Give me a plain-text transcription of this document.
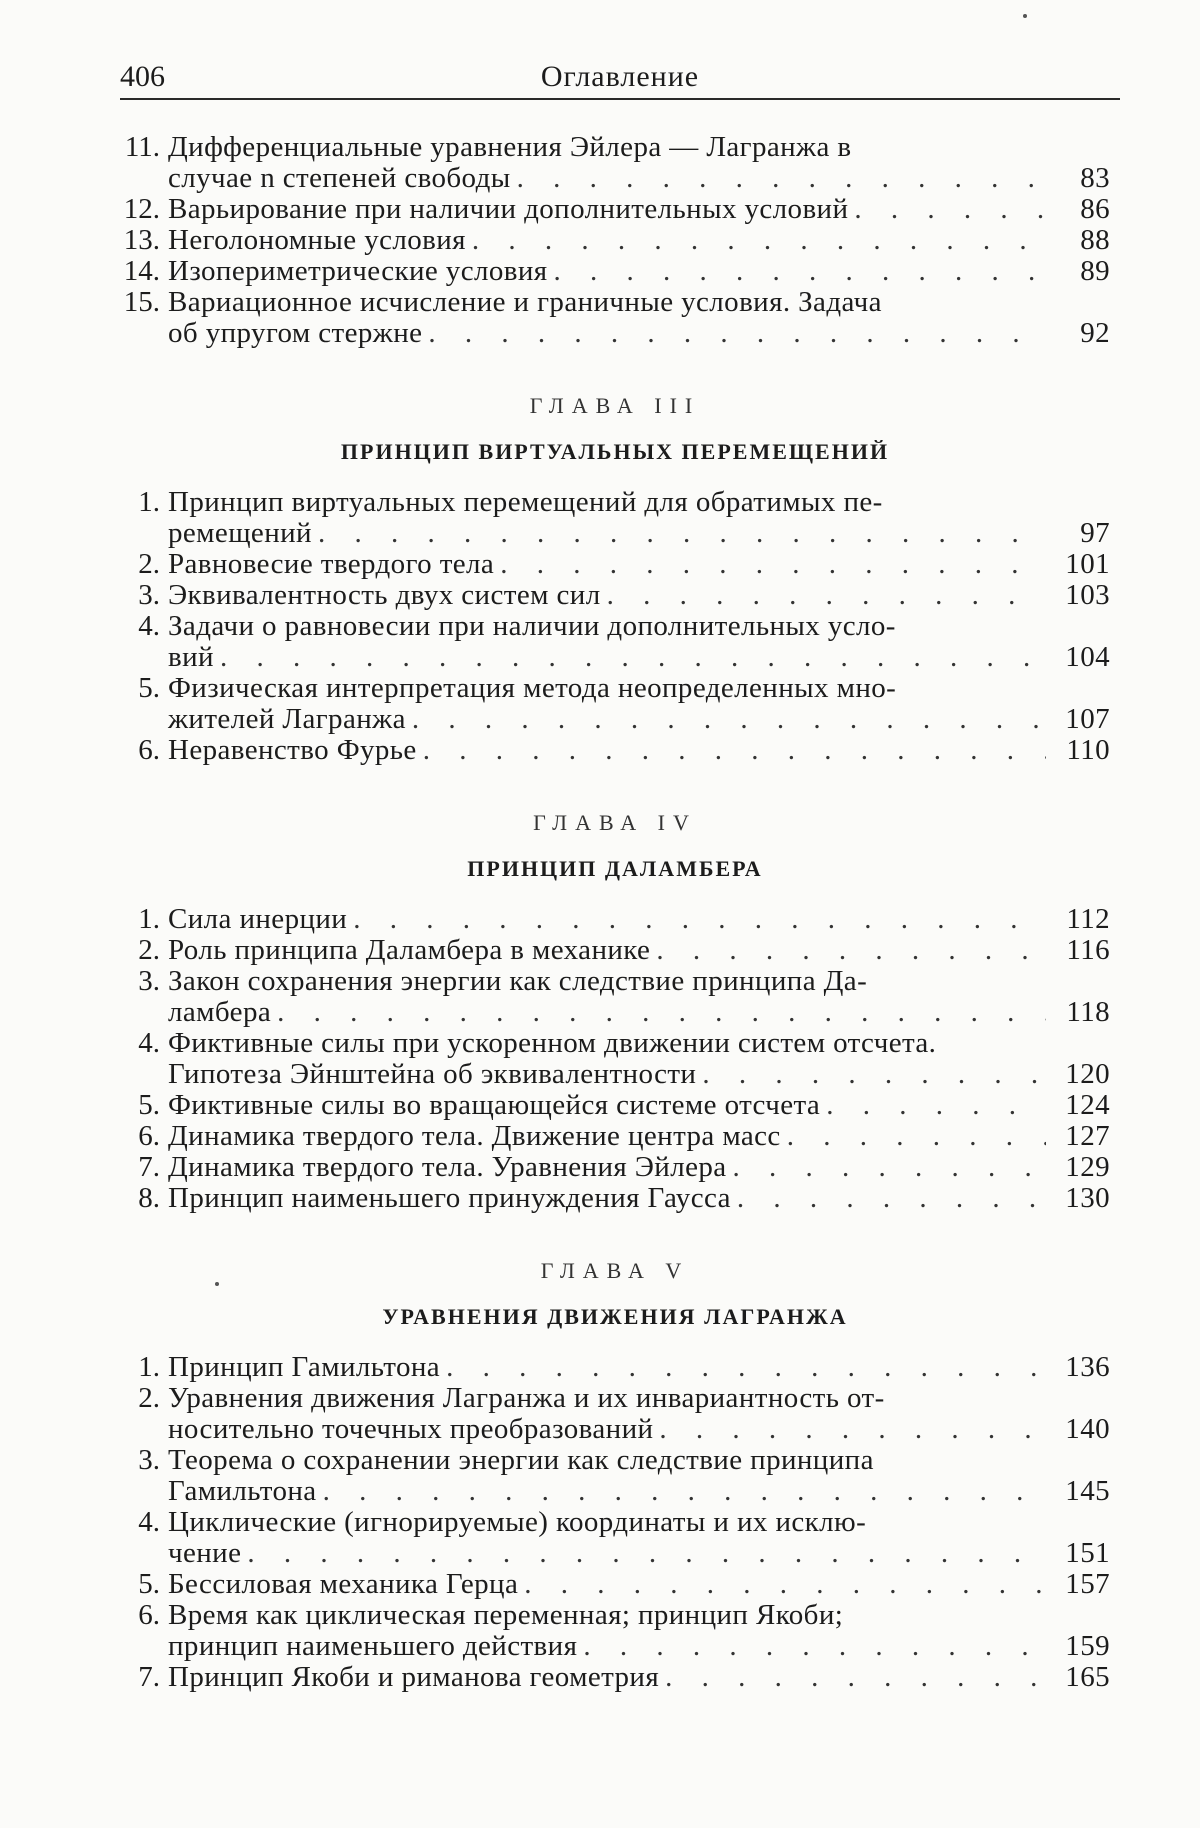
406	Оглавление
11. Дифференциальные уравнения Эйлера — Лагранжа в
случае n степеней свободы . . .	83
12. Варьирование при наличии дополнительных условий . . .	86
13. Неголономные условия . . .	88
14. Изопериметрические условия . . .	89
15. Вариационное исчисление и граничные условия. Задача
об упругом стержне . . .	92
ГЛАВА III
ПРИНЦИП ВИРТУАЛЬНЫХ ПЕРЕМЕЩЕНИЙ
1. Принцип виртуальных перемещений для обратимых пе-
ремещений . . .	97
2. Равновесие твердого тела . . .	101
3. Эквивалентность двух систем сил . . .	103
4. Задачи о равновесии при наличии дополнительных усло-
вий . . .	104
5. Физическая интерпретация метода неопределенных мно-
жителей Лагранжа . . .	107
6. Неравенство Фурье . . .	110
ГЛАВА IV
ПРИНЦИП ДАЛАМБЕРА
1. Сила инерции . . .	112
2. Роль принципа Даламбера в механике . . .	116
3. Закон сохранения энергии как следствие принципа Да-
ламбера . . .	118
4. Фиктивные силы при ускоренном движении систем отсчета.
Гипотеза Эйнштейна об эквивалентности . . .	120
5. Фиктивные силы во вращающейся системе отсчета . . .	124
6. Динамика твердого тела. Движение центра масс . . .	127
7. Динамика твердого тела. Уравнения Эйлера . . .	129
8. Принцип наименьшего принуждения Гаусса . . .	130
ГЛАВА V
УРАВНЕНИЯ ДВИЖЕНИЯ ЛАГРАНЖА
1. Принцип Гамильтона . . .	136
2. Уравнения движения Лагранжа и их инвариантность от-
носительно точечных преобразований . . .	140
3. Теорема о сохранении энергии как следствие принципа
Гамильтона . . .	145
4. Циклические (игнорируемые) координаты и их исклю-
чение . . .	151
5. Бессиловая механика Герца . . .	157
6. Время как циклическая переменная; принцип Якоби;
принцип наименьшего действия . . .	159
7. Принцип Якоби и риманова геометрия . . .	165
